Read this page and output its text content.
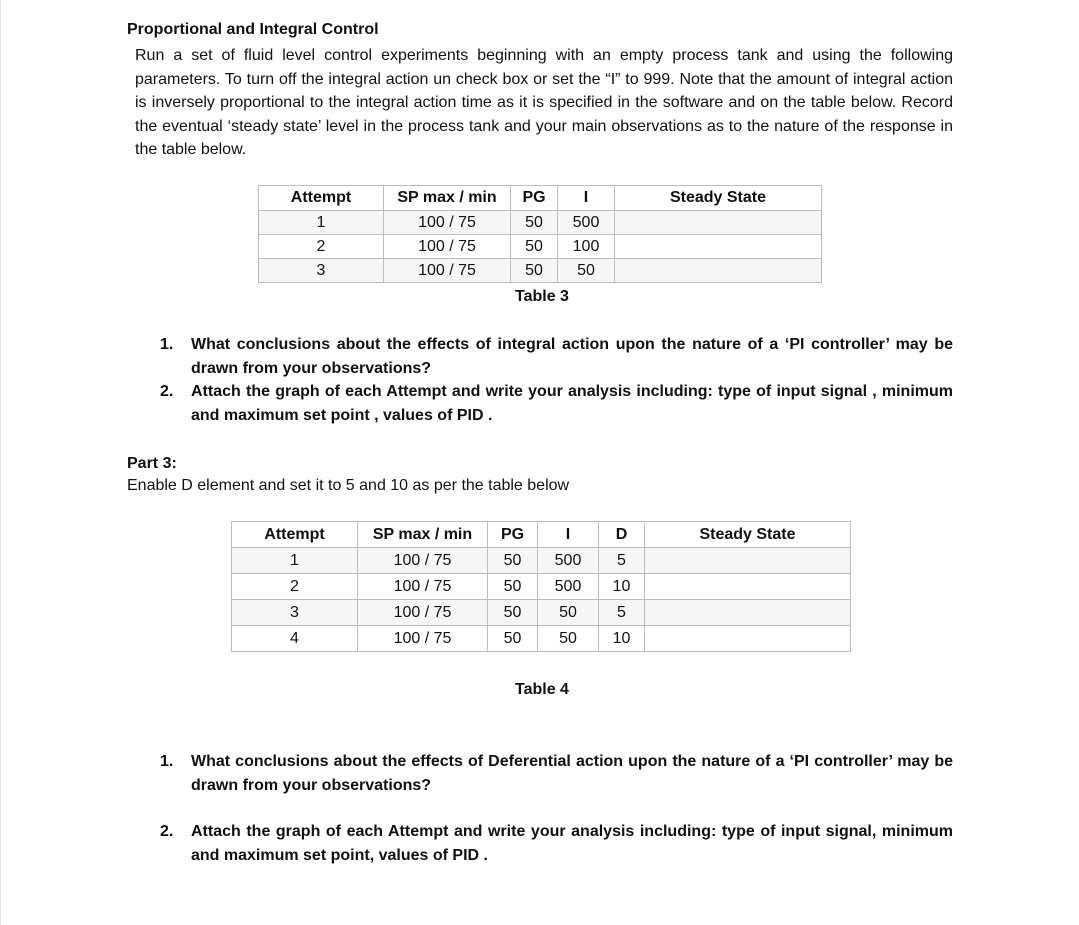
Proportional and Integral Control

Run a set of fluid level control experiments beginning with an empty process tank and using the following parameters. To turn off the integral action un check box or set the “I” to 999. Note that the amount of integral action is inversely proportional to the integral action time as it is specified in the software and on the table below. Record the eventual ‘steady state’ level in the process tank and your main observations as to the nature of the response in the table below.

Attempt	SP max / min	PG	I	Steady State
1	100 / 75	50	500	
2	100 / 75	50	100	
3	100 / 75	50	50	
Table 3
1. What conclusions about the effects of integral action upon the nature of a ‘PI controller’ may be drawn from your observations?
2. Attach the graph of each Attempt and write your analysis including: type of input signal , minimum and maximum set point , values of PID .
Part 3:
Enable D element and set it to 5 and 10 as per the table below
Attempt	SP max / min	PG	I	D	Steady State
1	100 / 75	50	500	5	
2	100 / 75	50	500	10	
3	100 / 75	50	50	5	
4	100 / 75	50	50	10	
Table 4
1. What conclusions about the effects of Deferential action upon the nature of a ‘PI controller’ may be drawn from your observations?
2. Attach the graph of each Attempt and write your analysis including: type of input signal, minimum and maximum set point, values of PID .
